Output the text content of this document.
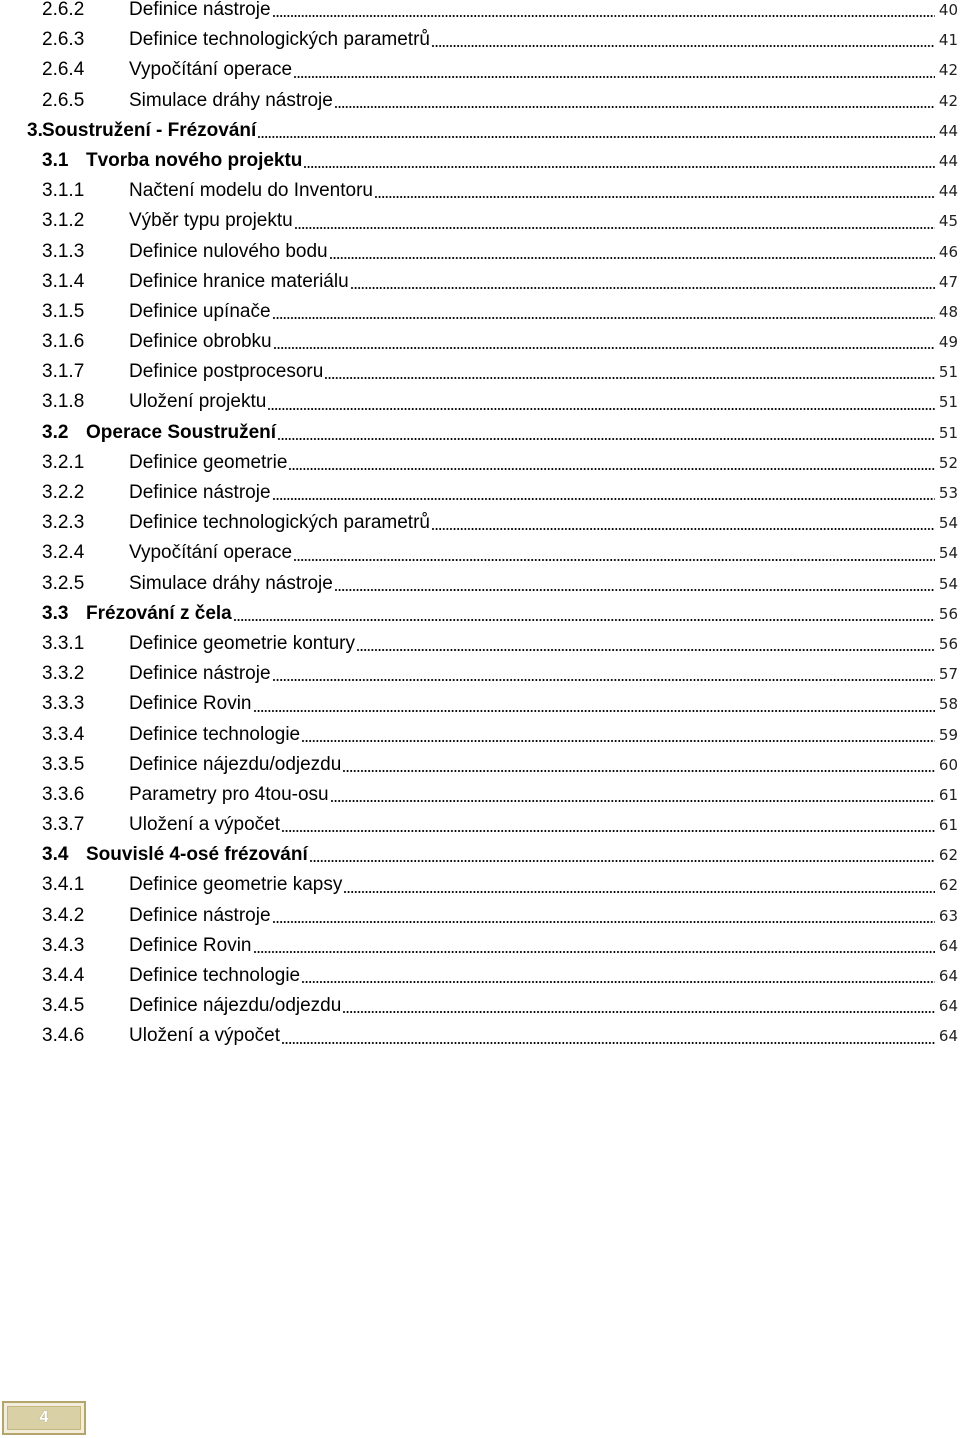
2.6.2 Definice nástroje	40
2.6.3 Definice technologických parametrů	41
2.6.4 Vypočítání operace	42
2.6.5 Simulace dráhy nástroje	42
3. Soustružení - Frézování	44
3.1 Tvorba nového projektu	44
3.1.1 Načtení modelu do Inventoru	44
3.1.2 Výběr typu projektu	45
3.1.3 Definice nulového bodu	46
3.1.4 Definice hranice materiálu	47
3.1.5 Definice upínače	48
3.1.6 Definice obrobku	49
3.1.7 Definice postprocesoru	51
3.1.8 Uložení projektu	51
3.2 Operace Soustružení	51
3.2.1 Definice geometrie	52
3.2.2 Definice nástroje	53
3.2.3 Definice technologických parametrů	54
3.2.4 Vypočítání operace	54
3.2.5 Simulace dráhy nástroje	54
3.3 Frézování z čela	56
3.3.1 Definice geometrie kontury	56
3.3.2 Definice nástroje	57
3.3.3 Definice Rovin	58
3.3.4 Definice technologie	59
3.3.5 Definice nájezdu/odjezdu	60
3.3.6 Parametry pro 4tou-osu	61
3.3.7 Uložení a výpočet	61
3.4 Souvislé 4-osé frézování	62
3.4.1 Definice geometrie kapsy	62
3.4.2 Definice nástroje	63
3.4.3 Definice Rovin	64
3.4.4 Definice technologie	64
3.4.5 Definice nájezdu/odjezdu	64
3.4.6 Uložení a výpočet	64
4
